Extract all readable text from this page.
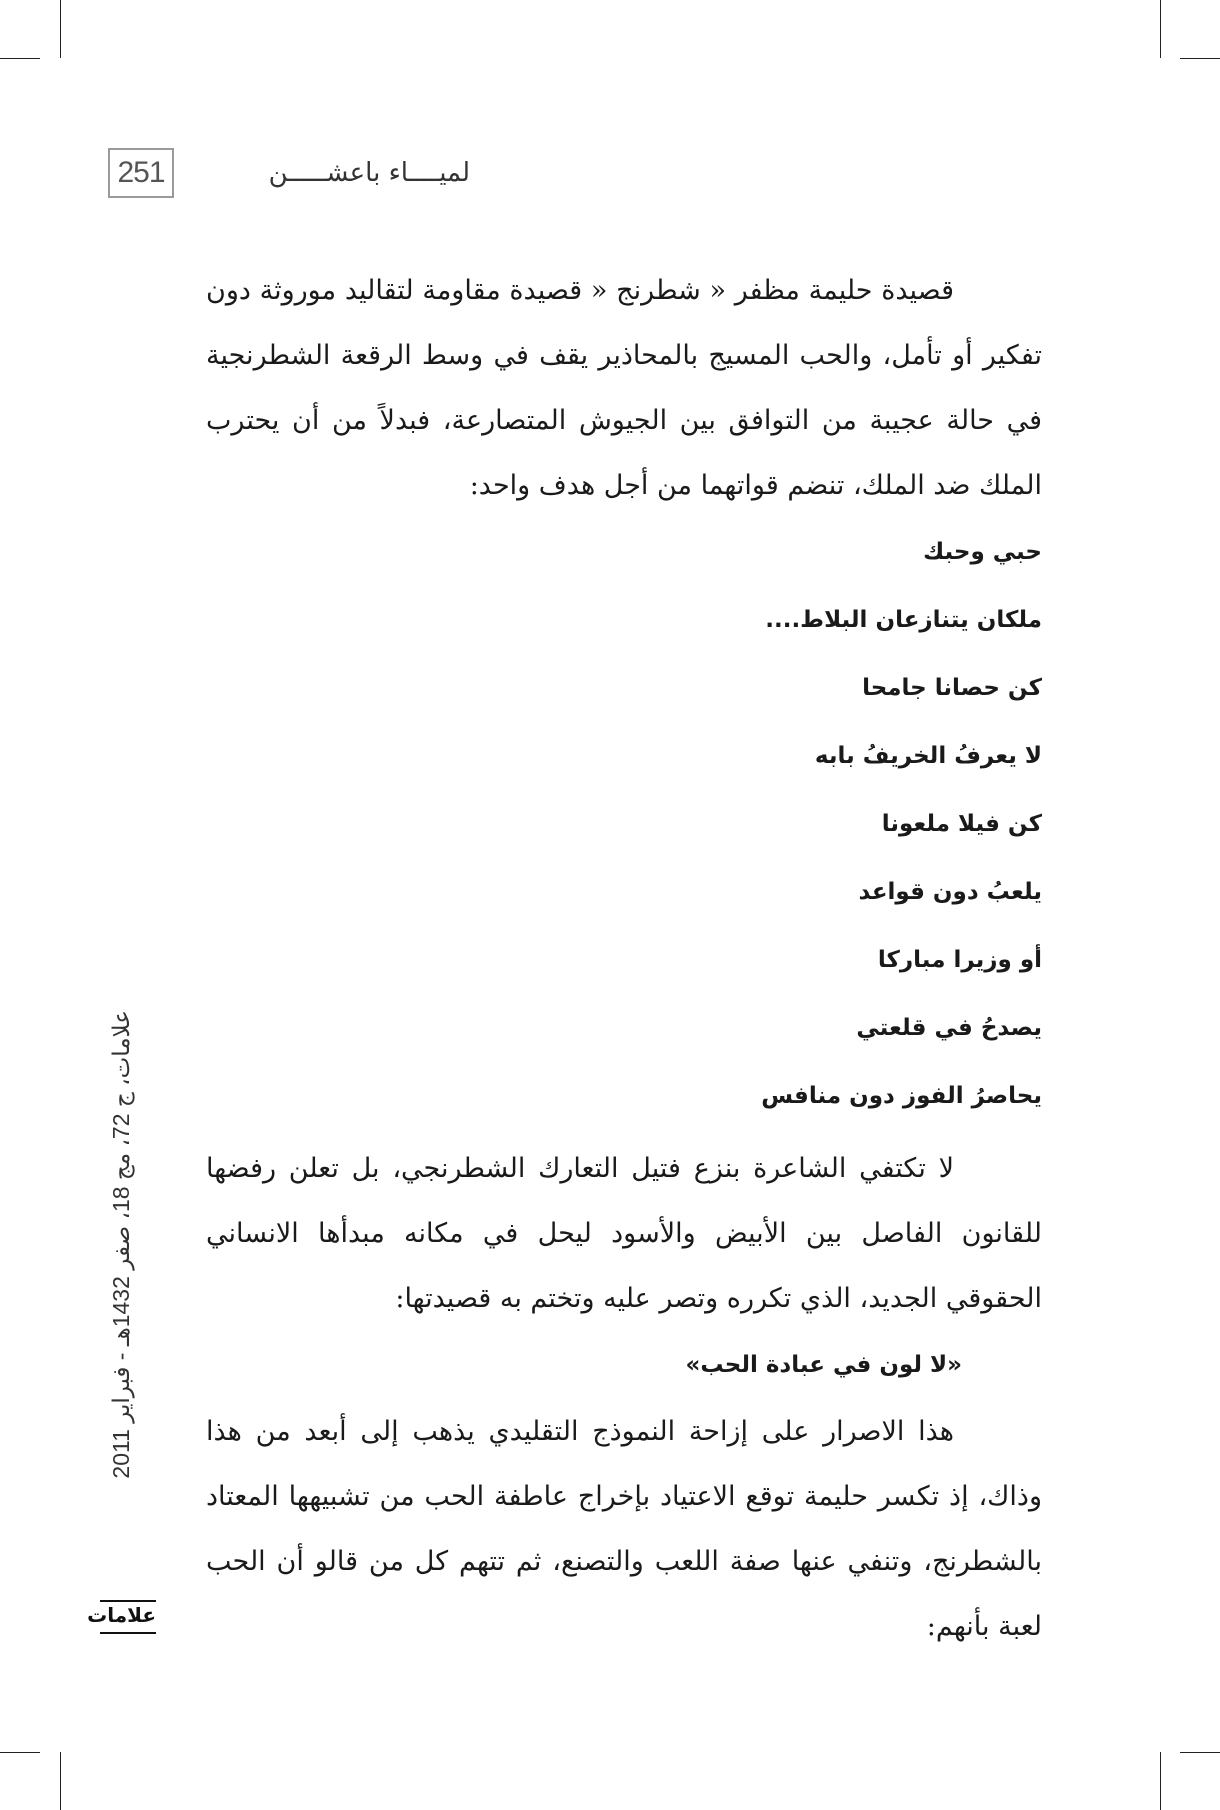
251	لميــــاء باعشـــــن

قصيدة حليمة مظفر « شطرنج « قصيدة مقاومة لتقاليد موروثة دون تفكير أو تأمل، والحب المسيج بالمحاذير يقف في وسط الرقعة الشطرنجية في حالة عجيبة من التوافق بين الجيوش المتصارعة، فبدلاً من أن يحترب الملك ضد الملك، تنضم قواتهما من أجل هدف واحد:

حبي وحبك

ملكان يتنازعان البلاط....

كن حصانا جامحا

لا يعرفُ الخريفُ بابه

كن فيلا ملعونا

يلعبُ دون قواعد

أو وزيرا مباركا

يصدحُ في قلعتي

يحاصرُ الفوز دون منافس

لا تكتفي الشاعرة بنزع فتيل التعارك الشطرنجي، بل تعلن رفضها للقانون الفاصل بين الأبيض والأسود ليحل في مكانه مبدأها الانساني الحقوقي الجديد، الذي تكرره وتصر عليه وتختم به قصيدتها:

«لا لون في عبادة الحب»

هذا الاصرار على إزاحة النموذج التقليدي يذهب إلى أبعد من هذا وذاك، إذ تكسر حليمة توقع الاعتياد بإخراج عاطفة الحب من تشبيهها المعتاد بالشطرنج، وتنفي عنها صفة اللعب والتصنع، ثم تتهم كل من قالو أن الحب لعبة بأنهم:

علامات، ج 72، مج 18، صفر 1432هـ - فبراير 2011
علامات
